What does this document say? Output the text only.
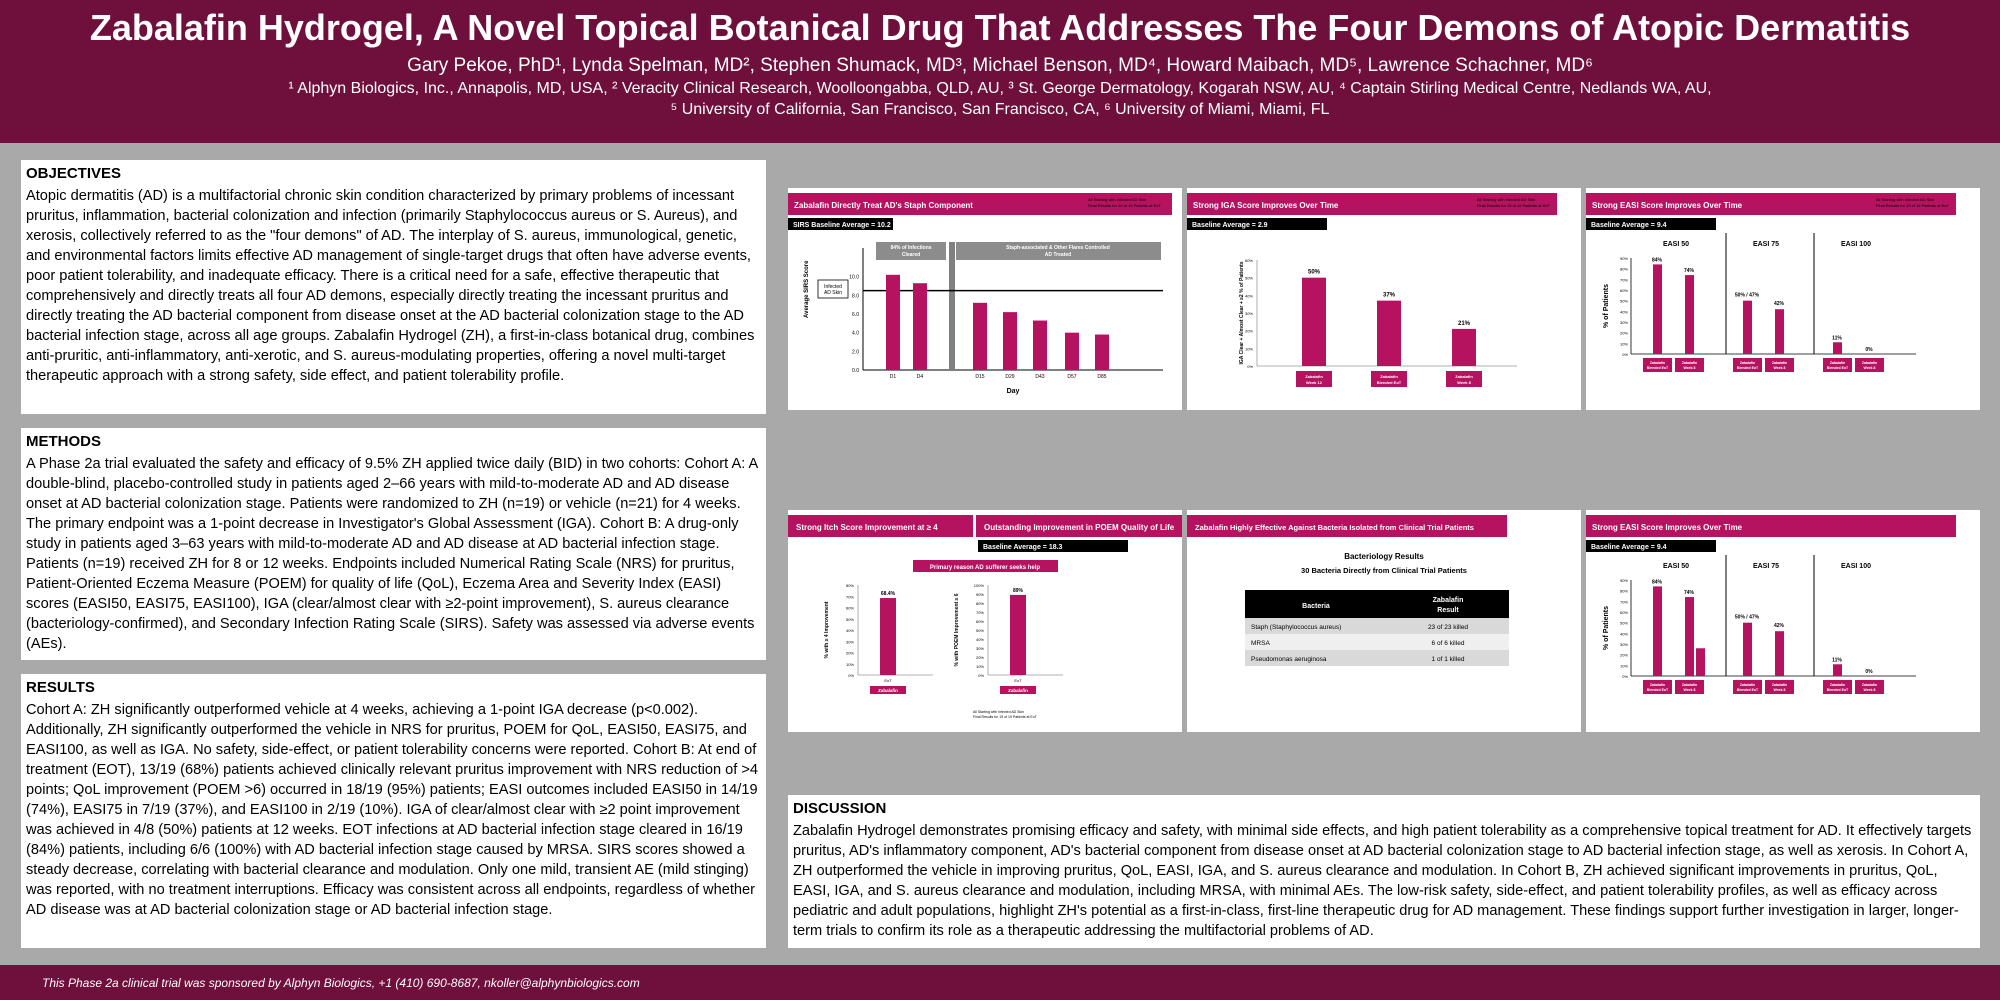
Zabalafin Hydrogel, A Novel Topical Botanical Drug That Addresses The Four Demons of Atopic Dermatitis
Gary Pekoe, PhD¹, Lynda Spelman, MD², Stephen Shumack, MD³, Michael Benson, MD⁴, Howard Maibach, MD⁵, Lawrence Schachner, MD⁶
¹ Alphyn Biologics, Inc., Annapolis, MD, USA, ² Veracity Clinical Research, Woolloongabba, QLD, AU, ³ St. George Dermatology, Kogarah NSW, AU, ⁴ Captain Stirling Medical Centre, Nedlands WA, AU,
⁵ University of California, San Francisco, San Francisco, CA, ⁶ University of Miami, Miami, FL
OBJECTIVES

Atopic dermatitis (AD) is a multifactorial chronic skin condition characterized by primary problems of incessant pruritus, inflammation, bacterial colonization and infection (primarily Staphylococcus aureus or S. Aureus), and xerosis, collectively referred to as the "four demons" of AD. The interplay of S. aureus, immunological, genetic, and environmental factors limits effective AD management of single-target drugs that often have adverse events, poor patient tolerability, and inadequate efficacy. There is a critical need for a safe, effective therapeutic that comprehensively and directly treats all four AD demons, especially directly treating the incessant pruritus and directly treating the AD bacterial component from disease onset at the AD bacterial colonization stage to the AD bacterial infection stage, across all age groups. Zabalafin Hydrogel (ZH), a first-in-class botanical drug, combines anti-pruritic, anti-inflammatory, anti-xerotic, and S. aureus-modulating properties, offering a novel multi-target therapeutic approach with a strong safety, side effect, and patient tolerability profile.

METHODS

A Phase 2a trial evaluated the safety and efficacy of 9.5% ZH applied twice daily (BID) in two cohorts: Cohort A: A double-blind, placebo-controlled study in patients aged 2–66 years with mild-to-moderate AD and AD disease onset at AD bacterial colonization stage. Patients were randomized to ZH (n=19) or vehicle (n=21) for 4 weeks. The primary endpoint was a 1-point decrease in Investigator's Global Assessment (IGA). Cohort B: A drug-only study in patients aged 3–63 years with mild-to-moderate AD and AD disease at AD bacterial infection stage. Patients (n=19) received ZH for 8 or 12 weeks. Endpoints included Numerical Rating Scale (NRS) for pruritus, Patient-Oriented Eczema Measure (POEM) for quality of life (QoL), Eczema Area and Severity Index (EASI) scores (EASI50, EASI75, EASI100), IGA (clear/almost clear with ≥2-point improvement), S. aureus clearance (bacteriology-confirmed), and Secondary Infection Rating Scale (SIRS). Safety was assessed via adverse events (AEs).

RESULTS

Cohort A: ZH significantly outperformed vehicle at 4 weeks, achieving a 1-point IGA decrease (p<0.002). Additionally, ZH significantly outperformed the vehicle in NRS for pruritus, POEM for QoL, EASI50, EASI75, and EASI100, as well as IGA. No safety, side-effect, or patient tolerability concerns were reported. Cohort B: At end of treatment (EOT), 13/19 (68%) patients achieved clinically relevant pruritus improvement with NRS reduction of >4 points; QoL improvement (POEM >6) occurred in 18/19 (95%) patients; EASI outcomes included EASI50 in 14/19 (74%), EASI75 in 7/19 (37%), and EASI100 in 2/19 (10%). IGA of clear/almost clear with ≥2 point improvement was achieved in 4/8 (50%) patients at 12 weeks. EOT infections at AD bacterial infection stage cleared in 16/19 (84%) patients, including 6/6 (100%) with AD bacterial infection stage caused by MRSA. SIRS scores showed a steady decrease, correlating with bacterial clearance and modulation. Only one mild, transient AE (mild stinging) was reported, with no treatment interruptions. Efficacy was consistent across all endpoints, regardless of whether AD disease was at AD bacterial colonization stage or AD bacterial infection stage.

DISCUSSION

Zabalafin Hydrogel demonstrates promising efficacy and safety, with minimal side effects, and high patient tolerability as a comprehensive topical treatment for AD. It effectively targets pruritus, AD's inflammatory component, AD's bacterial component from disease onset at AD bacterial colonization stage to AD bacterial infection stage, as well as xerosis. In Cohort A, ZH outperformed the vehicle in improving pruritus, QoL, EASI, IGA, and S. aureus clearance and modulation. In Cohort B, ZH achieved significant improvements in pruritus, QoL, EASI, IGA, and S. aureus clearance and modulation, including MRSA, with minimal AEs. The low-risk safety, side-effect, and patient tolerability profiles, as well as efficacy across pediatric and adult populations, highlight ZH's potential as a first-in-class, first-line therapeutic drug for AD management. These findings support further investigation in larger, longer-term trials to confirm its role as a therapeutic addressing the multifactorial problems of AD.

Zabalafin Directly Treat AD's Staph Component
All Starting with Infected AD Skin
Final Results for 19 of 19 Patients at EoT
SIRS Baseline Average = 10.2
0.0
2.0
4.0
6.0
8.0
10.0
Average SIRS Score
Day
84% of Infections
Cleared
Staph-associated & Other Flares Controlled
AD Treated
Infected
AD Skin
D1	D4	D15	D29	D43	D57	D85
Strong IGA Score Improves Over Time
All Starting with Infected AD Skin
Final Results for 19 of 19 Patients at EoT
Baseline Average = 2.9
0%
10%
20%
30%
40%
50%
60%
IGA Clear + Almost Clear + ≥2 % of Patients	50%
Zabalafin
Week 12
37%
Zabalafin
Blended EoT
21%
Zabalafin
Week 8
Strong EASI Score Improves Over Time
All Starting with Infected AD Skin
Final Results for 19 of 19 Patients at EoT
Baseline Average = 9.4
0%
10%
20%
30%
40%
50%
60%
70%
80%
90%
% of Patients
EASI 50
Zabalafin
Blended EoT
Zabalafin
Week 8
84%
74%
EASI 75
Zabalafin
Blended EoT
Zabalafin
Week 8
50% / 47%
42%
EASI 100
Zabalafin
Blended EoT
Zabalafin
Week 8
11%
0%
Strong Itch Score Improvement at ≥ 4	Outstanding Improvement in POEM Quality of Life
Baseline Average = 18.3
Primary reason AD sufferer seeks help
0%
10%
20%
30%
40%
50%
60%
70%
80%
% with ≥ 4 Improvement
68.4%
EoT
Zabalafin
0%
10%
20%
30%
40%
50%
60%
70%
80%
90%
100%
% with POEM Improvement ≥ 6
89%
EoT
Zabalafin
All Starting with Infected AD Skin
Final Results for 19 of 19 Patients at EoT
Zabalafin Highly Effective Against Bacteria Isolated from Clinical Trial Patients
Bacteriology Results
30 Bacteria Directly from Clinical Trial Patients
Bacteria
Zabalafin
Result
Staph (Staphylococcus aureus)	23 of 23 killed
MRSA	6 of 6 killed
Pseudomonas aeruginosa	1 of 1 killed
Strong EASI Score Improves Over Time
Baseline Average = 9.4
0%
10%
20%
30%
40%
50%
60%
70%
80%
90%
% of Patients
EASI 50
Zabalafin
Blended EoT
Zabalafin
Week 8
84%
74%
EASI 75
Zabalafin
Blended EoT
Zabalafin
Week 8
50% / 47%
42%
EASI 100
Zabalafin
Blended EoT
Zabalafin
Week 8
11%
0%
This Phase 2a clinical trial was sponsored by Alphyn Biologics, +1 (410) 690-8687, nkoller@alphynbiologics.com
